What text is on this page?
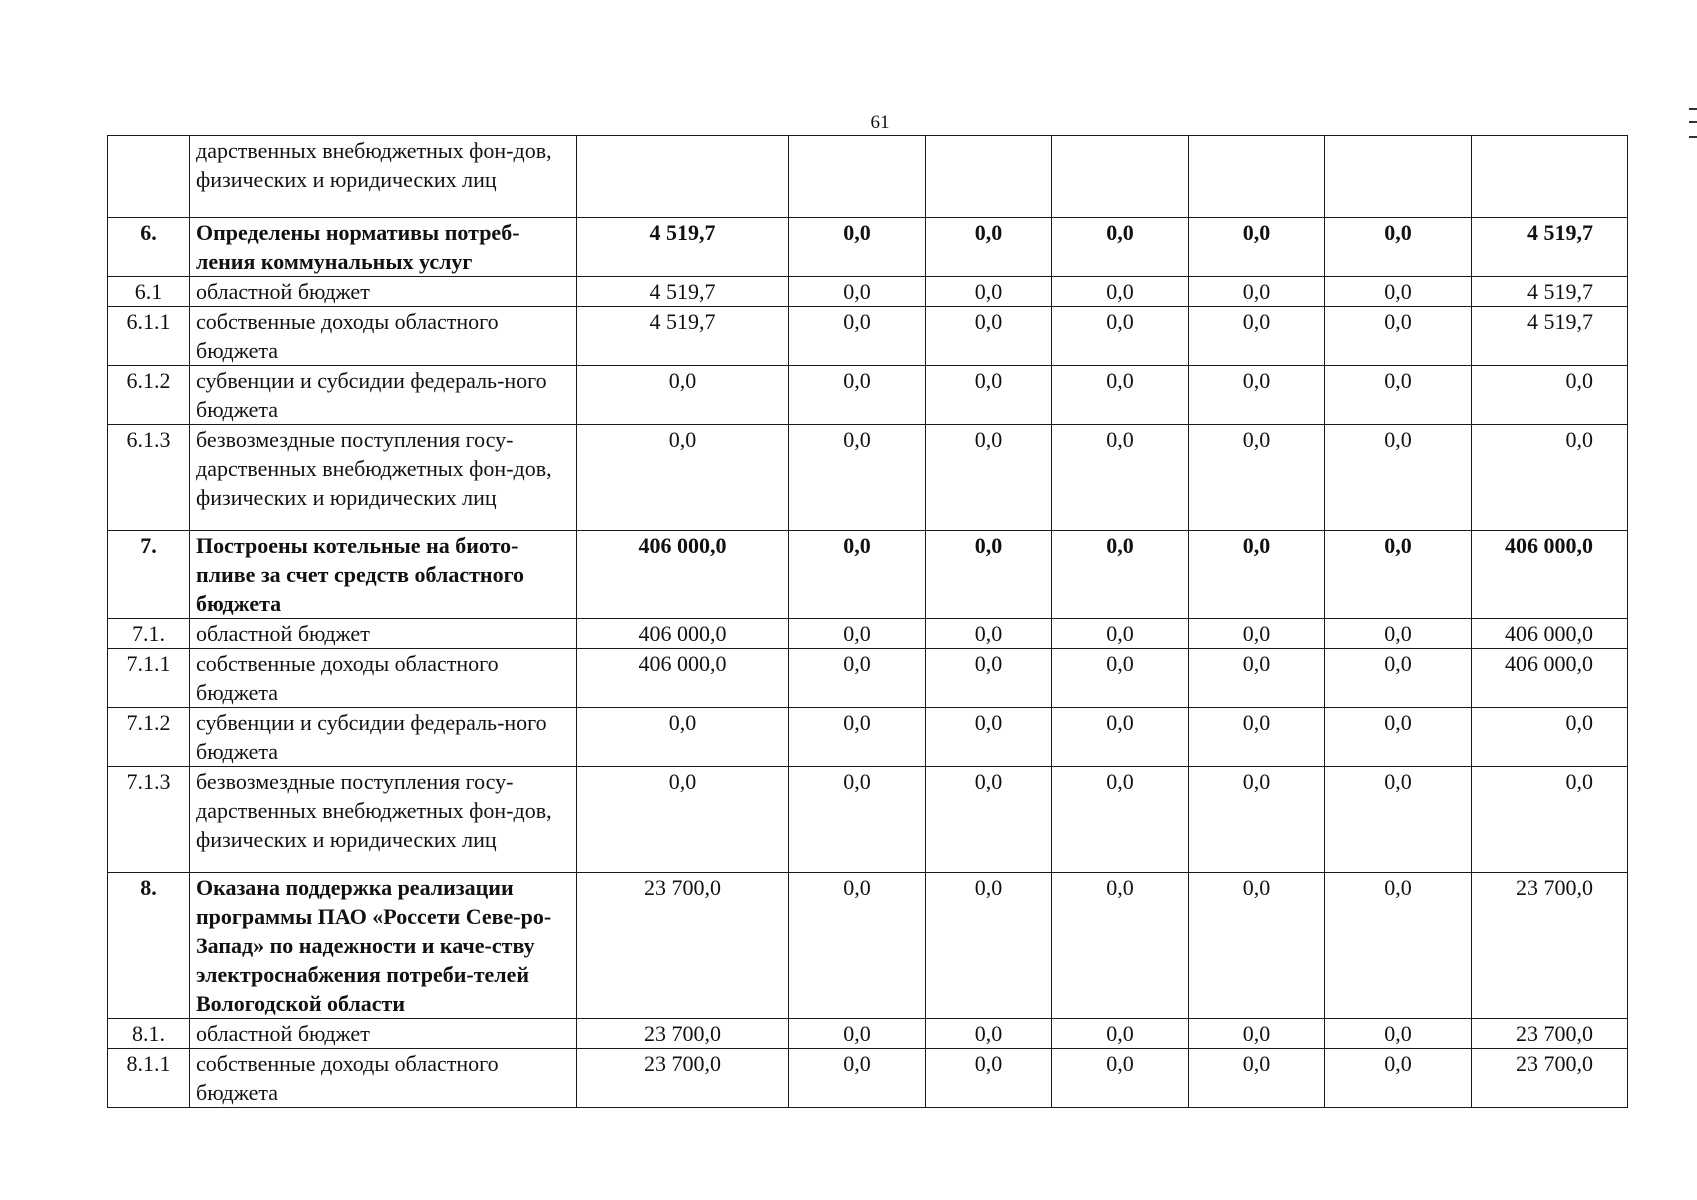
61
	дарственных внебюджетных фон-дов, физических и юридических лиц							
6.	Определены нормативы потреб-ления коммунальных услуг	4 519,7	0,0	0,0	0,0	0,0	0,0	4 519,7
6.1	областной бюджет	4 519,7	0,0	0,0	0,0	0,0	0,0	4 519,7
6.1.1	собственные доходы областного бюджета	4 519,7	0,0	0,0	0,0	0,0	0,0	4 519,7
6.1.2	субвенции и субсидии федераль-ного бюджета	0,0	0,0	0,0	0,0	0,0	0,0	0,0
6.1.3	безвозмездные поступления госу-дарственных внебюджетных фон-дов, физических и юридических лиц	0,0	0,0	0,0	0,0	0,0	0,0	0,0
7.	Построены котельные на биото-пливе за счет средств областного бюджета	406 000,0	0,0	0,0	0,0	0,0	0,0	406 000,0
7.1.	областной бюджет	406 000,0	0,0	0,0	0,0	0,0	0,0	406 000,0
7.1.1	собственные доходы областного бюджета	406 000,0	0,0	0,0	0,0	0,0	0,0	406 000,0
7.1.2	субвенции и субсидии федераль-ного бюджета	0,0	0,0	0,0	0,0	0,0	0,0	0,0
7.1.3	безвозмездные поступления госу-дарственных внебюджетных фон-дов, физических и юридических лиц	0,0	0,0	0,0	0,0	0,0	0,0	0,0
8.	Оказана поддержка реализации программы ПАО «Россети Севе-ро-Запад» по надежности и каче-ству электроснабжения потреби-телей Вологодской области	23 700,0	0,0	0,0	0,0	0,0	0,0	23 700,0
8.1.	областной бюджет	23 700,0	0,0	0,0	0,0	0,0	0,0	23 700,0
8.1.1	собственные доходы областного бюджета	23 700,0	0,0	0,0	0,0	0,0	0,0	23 700,0
